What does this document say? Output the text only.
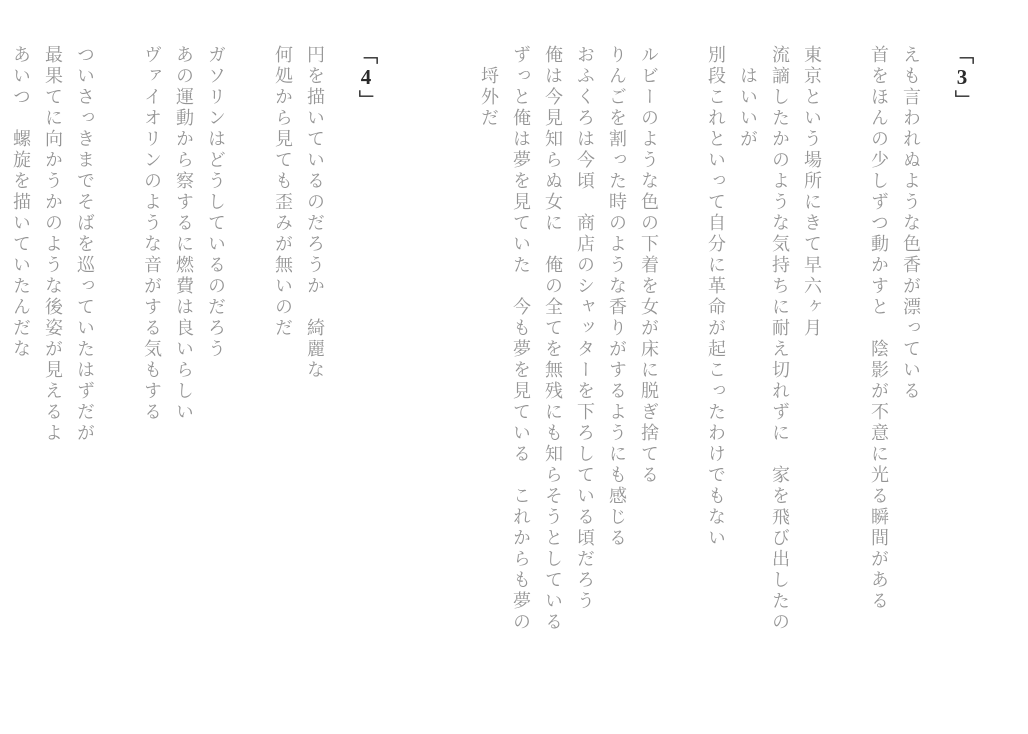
「3」
えも言われぬような色香が漂っている
首をほんの少しずつ動かすと　陰影が不意に光る瞬間がある
東京という場所にきて早六ヶ月
流謫したかのような気持ちに耐え切れずに　家を飛び出したの
はいいが
別段これといって自分に革命が起こったわけでもない
ルビーのような色の下着を女が床に脱ぎ捨てる
りんごを割った時のような香りがするようにも感じる
おふくろは今頃　商店のシャッターを下ろしている頃だろう
俺は今見知らぬ女に　俺の全てを無残にも知らそうとしている
ずっと俺は夢を見ていた　今も夢を見ている　これからも夢の
埒外だ
「4」
円を描いているのだろうか　綺麗な
何処から見ても歪みが無いのだ
ガソリンはどうしているのだろう
あの運動から察するに燃費は良いらしい
ヴァイオリンのような音がする気もする
ついさっきまでそばを巡っていたはずだが
最果てに向かうかのような後姿が見えるよ
あいつ　螺旋を描いていたんだな
